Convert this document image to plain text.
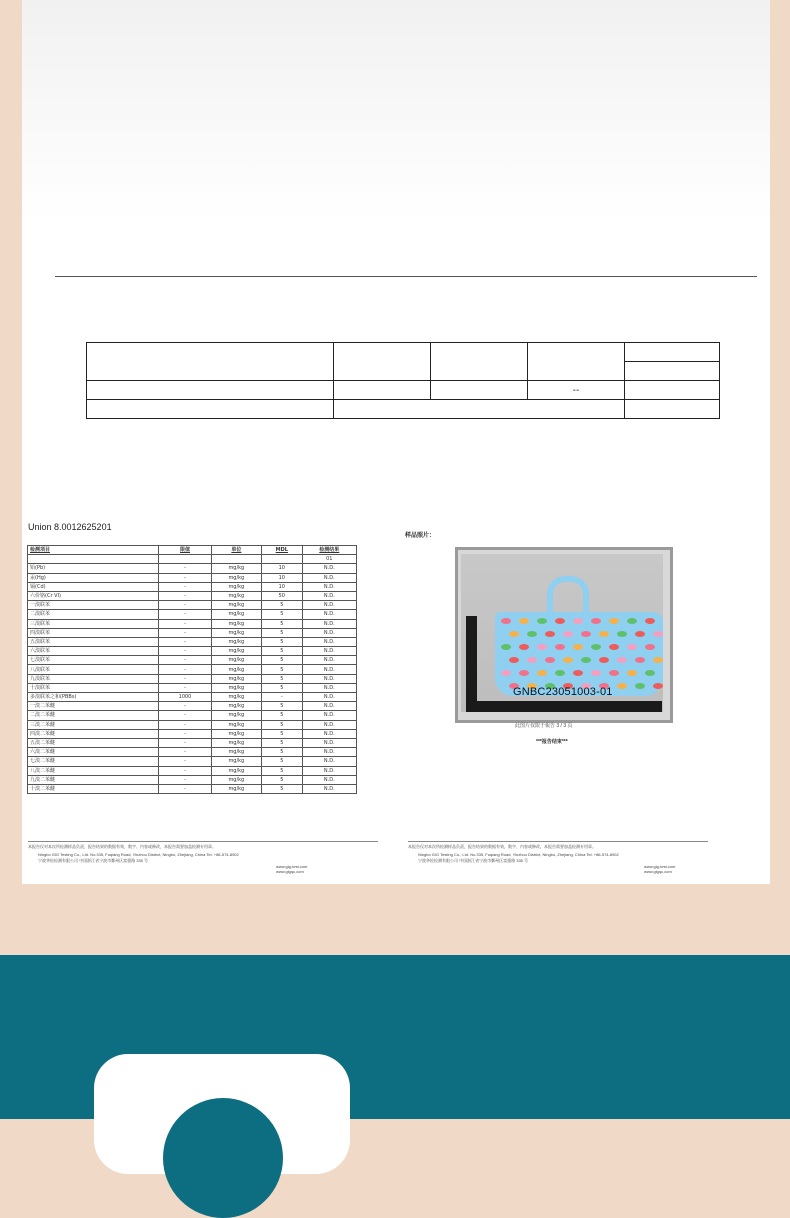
			--	

Union 8.0012625201
检测项目	限值	单位	MDL	检测结果
				01
铅(Pb)	-	mg/kg	10	N.D.
汞(Hg)	-	mg/kg	10	N.D.
镉(Cd)	-	mg/kg	10	N.D.
六价铬(Cr VI)	-	mg/kg	50	N.D.
一溴联苯	-	mg/kg	5	N.D.
二溴联苯	-	mg/kg	5	N.D.
三溴联苯	-	mg/kg	5	N.D.
四溴联苯	-	mg/kg	5	N.D.
五溴联苯	-	mg/kg	5	N.D.
六溴联苯	-	mg/kg	5	N.D.
七溴联苯	-	mg/kg	5	N.D.
八溴联苯	-	mg/kg	5	N.D.
九溴联苯	-	mg/kg	5	N.D.
十溴联苯	-	mg/kg	5	N.D.
多溴联苯之和(PBBs)	1000	mg/kg	-	N.D.
一溴二苯醚	-	mg/kg	5	N.D.
二溴二苯醚	-	mg/kg	5	N.D.
三溴二苯醚	-	mg/kg	5	N.D.
四溴二苯醚	-	mg/kg	5	N.D.
五溴二苯醚	-	mg/kg	5	N.D.
六溴二苯醚	-	mg/kg	5	N.D.
七溴二苯醚	-	mg/kg	5	N.D.
八溴二苯醚	-	mg/kg	5	N.D.
九溴二苯醚	-	mg/kg	5	N.D.
十溴二苯醚	-	mg/kg	5	N.D.
本报告仅对本次所检测样品负责，报告结果的数据有效，数字、内容或修改，本报告需要加盖检测专用章。
Ningbo GIG Testing Co., Ltd. No.335, Fuqiang Road, Yinzhou District, Ningbo, Zhejiang, China Tel: +86-574-8902
宁波华检检测有限公司 中国浙江省宁波市鄞州区富强路 335 号
www.gig-test.com
www.gigqc.com
样品照片：
GNBC23051003-01
此图片仅限于報告 3 / 3 页
***报告结束***
本报告仅对本次所检测样品负责，报告结果的数据有效，数字、内容或修改，本报告需要加盖检测专用章。
Ningbo GIG Testing Co., Ltd. No.335, Fuqiang Road, Yinzhou District, Ningbo, Zhejiang, China Tel: +86-574-8902
宁波华检检测有限公司 中国浙江省宁波市鄞州区富强路 335 号
www.gig-test.com
www.gigqc.com
